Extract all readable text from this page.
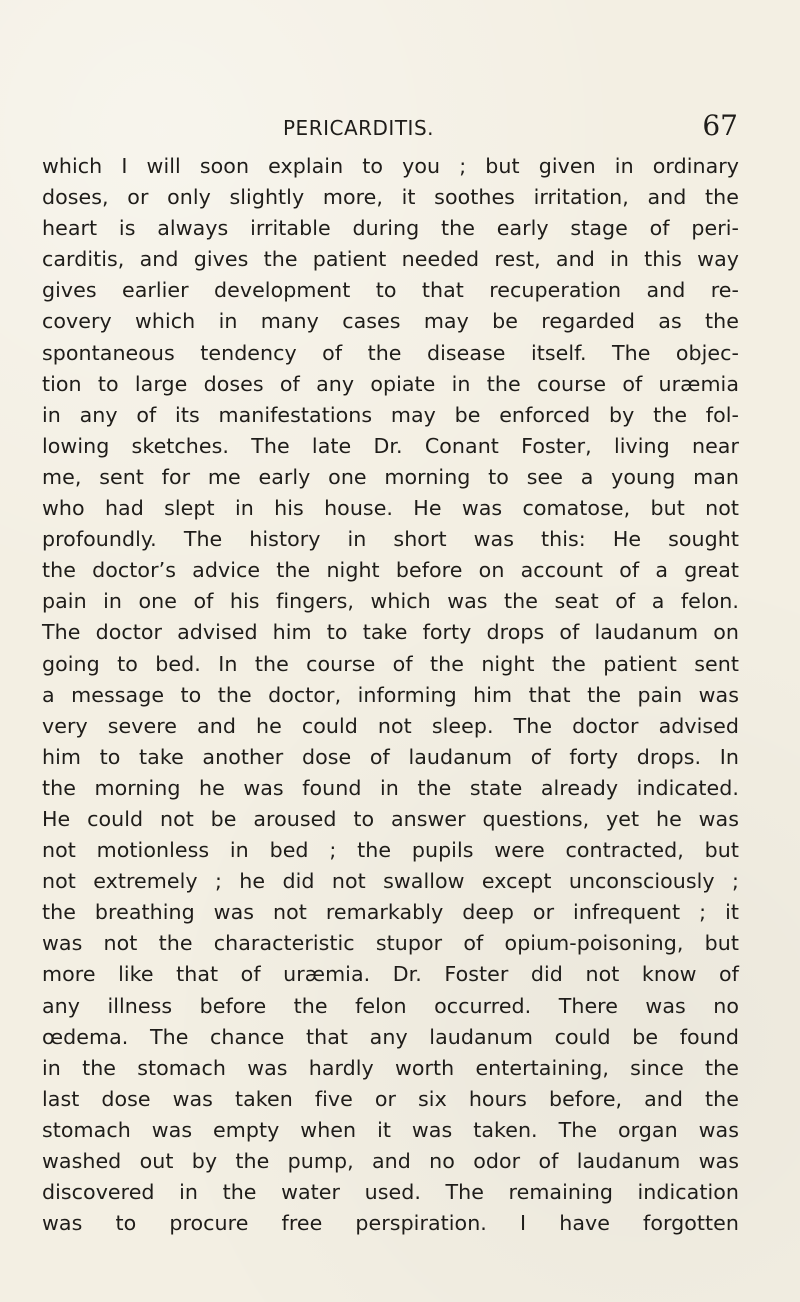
PERICARDITIS.	67
which I will soon explain to you ; but given in ordinary
doses, or only slightly more, it soothes irritation, and the
heart is always irritable during the early stage of peri-
carditis, and gives the patient needed rest, and in this way
gives earlier development to that recuperation and re-
covery which in many cases may be regarded as the
spontaneous tendency of the disease itself. The objec-
tion to large doses of any opiate in the course of uræmia
in any of its manifestations may be enforced by the fol-
lowing sketches. The late Dr. Conant Foster, living near
me, sent for me early one morning to see a young man
who had slept in his house. He was comatose, but not
profoundly. The history in short was this: He sought
the doctor’s advice the night before on account of a great
pain in one of his fingers, which was the seat of a felon.
The doctor advised him to take forty drops of laudanum on
going to bed. In the course of the night the patient sent
a message to the doctor, informing him that the pain was
very severe and he could not sleep. The doctor advised
him to take another dose of laudanum of forty drops. In
the morning he was found in the state already indicated.
He could not be aroused to answer questions, yet he was
not motionless in bed ; the pupils were contracted, but
not extremely ; he did not swallow except unconsciously ;
the breathing was not remarkably deep or infrequent ; it
was not the characteristic stupor of opium-poisoning, but
more like that of uræmia. Dr. Foster did not know of
any illness before the felon occurred. There was no
œdema. The chance that any laudanum could be found
in the stomach was hardly worth entertaining, since the
last dose was taken five or six hours before, and the
stomach was empty when it was taken. The organ was
washed out by the pump, and no odor of laudanum was
discovered in the water used. The remaining indication
was to procure free perspiration. I have forgotten
